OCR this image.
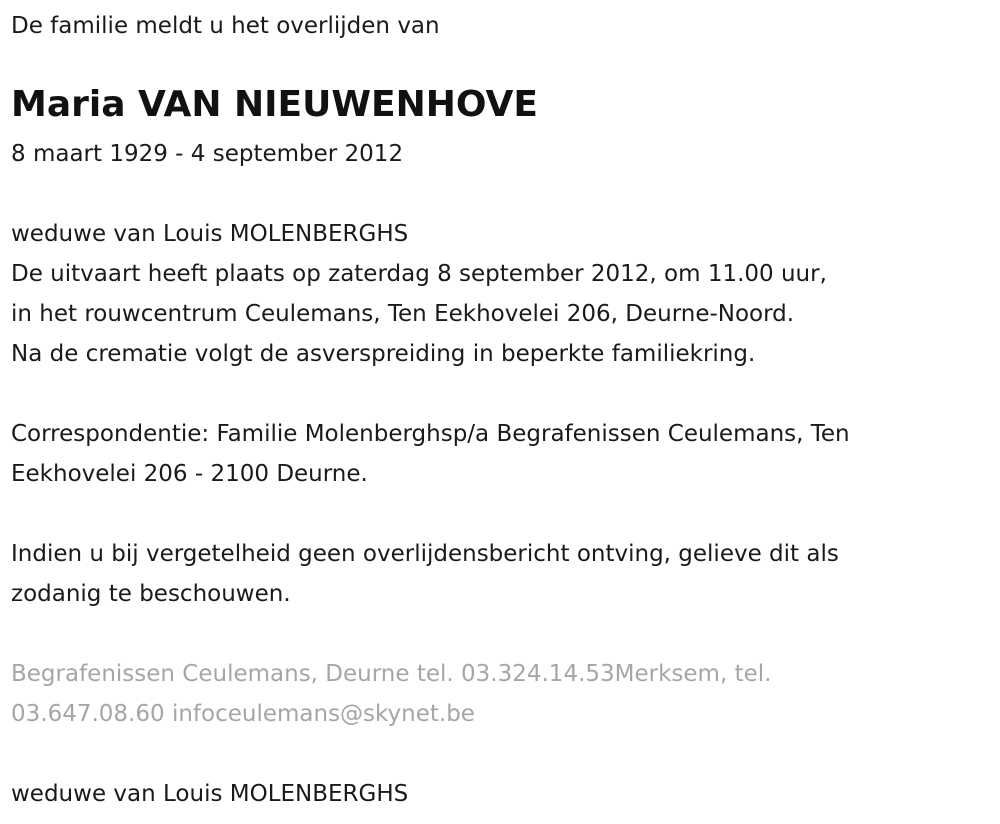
De familie meldt u het overlijden van
Maria VAN NIEUWENHOVE
8 maart 1929 - 4 september 2012
weduwe van Louis MOLENBERGHS
De uitvaart heeft plaats op zaterdag 8 september 2012, om 11.00 uur,
in het rouwcentrum Ceulemans, Ten Eekhovelei 206, Deurne-Noord.
Na de crematie volgt de asverspreiding in beperkte familiekring.
Correspondentie: Familie Molenberghsp/a Begrafenissen Ceulemans, Ten
Eekhovelei 206 - 2100 Deurne.
Indien u bij vergetelheid geen overlijdensbericht ontving, gelieve dit als
zodanig te beschouwen.
Begrafenissen Ceulemans, Deurne tel. 03.324.14.53Merksem, tel.
03.647.08.60 infoceulemans@skynet.be
weduwe van Louis MOLENBERGHS
